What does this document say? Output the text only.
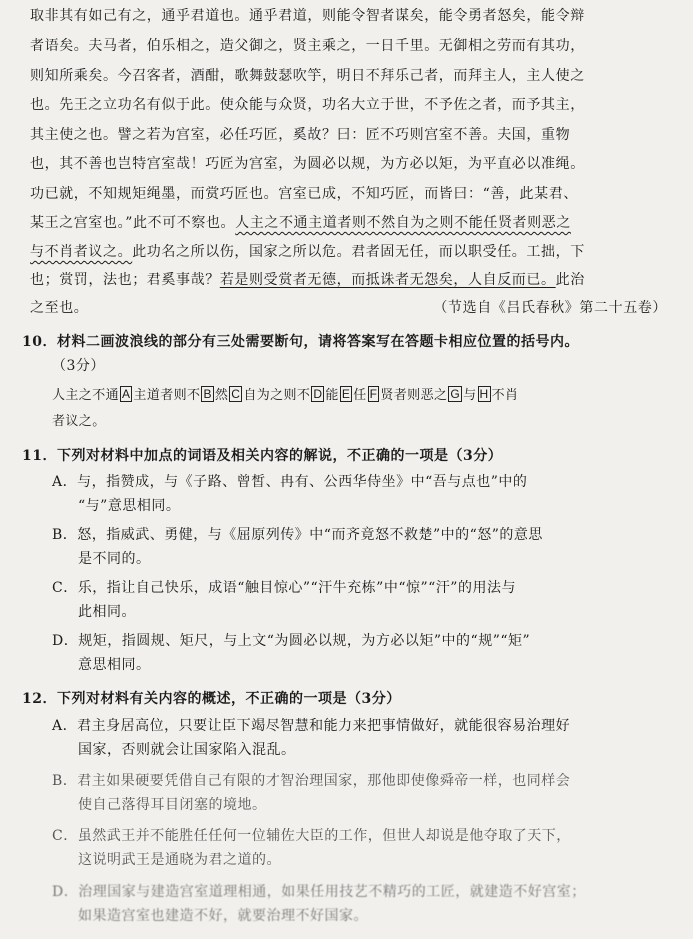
取非其有如己有之，通乎君道也。通乎君道，则能令智者谋矣，能令勇者怒矣，能令辩
者语矣。夫马者，伯乐相之，造父御之，贤主乘之，一日千里。无御相之劳而有其功，
则知所乘矣。今召客者，酒酣，歌舞鼓瑟吹竽，明日不拜乐己者，而拜主人，主人使之
也。先王之立功名有似于此。使众能与众贤，功名大立于世，不予佐之者，而予其主，
其主使之也。譬之若为宫室，必任巧匠，奚故？曰：匠不巧则宫室不善。夫国，重物
也，其不善也岂特宫室哉！巧匠为宫室，为圆必以规，为方必以矩，为平直必以准绳。
功已就，不知规矩绳墨，而赏巧匠也。宫室已成，不知巧匠，而皆曰：“善，此某君、
某王之宫室也。”此不可不察也。人主之不通主道者则不然自为之则不能任贤者则恶之
与不肖者议之。此功名之所以伤，国家之所以危。君者固无任，而以职受任。工拙，下
也；赏罚，法也；君奚事哉？若是则受赏者无德，而抵诛者无怨矣，人自反而已。此治
之至也。	（节选自《吕氏春秋》第二十五卷）
10．材料二画波浪线的部分有三处需要断句，请将答案写在答题卡相应位置的括号内。
（3分）
人主之不通 A 主道者则不 B 然 C 自为之则不 D 能 E 任 F 贤者则恶之 G 与 H 不肖
者议之。
11．下列对材料中加点的词语及相关内容的解说，不正确的一项是（3分）
A．与，指赞成，与《子路、曾皙、冉有、公西华侍坐》中“吾与点也”中的
“与”意思相同。
B．怒，指威武、勇健，与《屈原列传》中“而齐竟怒不救楚”中的“怒”的意思
是不同的。
C．乐，指让自己快乐，成语“触目惊心”“汗牛充栋”中“惊”“汗”的用法与
此相同。
D．规矩，指圆规、矩尺，与上文“为圆必以规，为方必以矩”中的“规”“矩”
意思相同。
12．下列对材料有关内容的概述，不正确的一项是（3分）
A．君主身居高位，只要让臣下竭尽智慧和能力来把事情做好，就能很容易治理好
国家，否则就会让国家陷入混乱。
B．君主如果硬要凭借自己有限的才智治理国家，那他即使像舜帝一样，也同样会
使自己落得耳目闭塞的境地。
C．虽然武王并不能胜任任何一位辅佐大臣的工作，但世人却说是他夺取了天下，
这说明武王是通晓为君之道的。
D．治理国家与建造宫室道理相通，如果任用技艺不精巧的工匠，就建造不好宫室；
如果造宫室也建造不好，就要治理不好国家。
